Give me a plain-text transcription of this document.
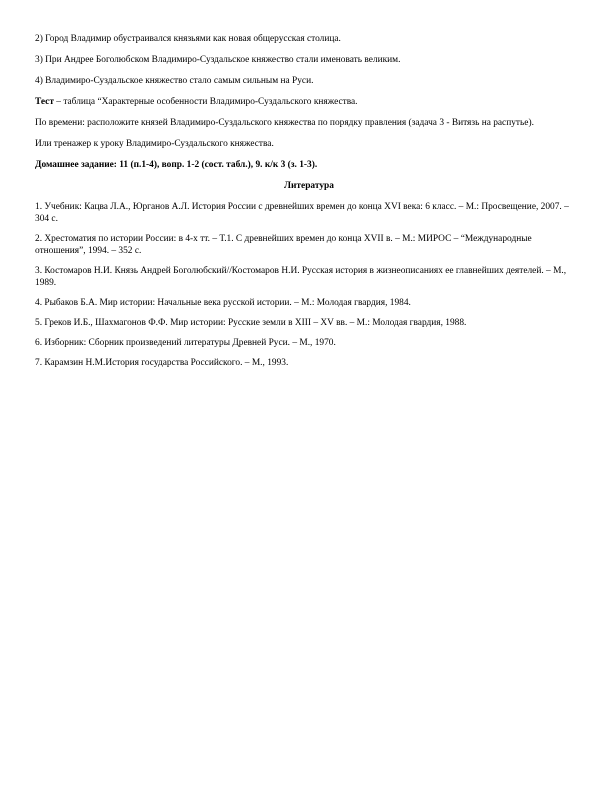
2) Город Владимир обустраивался князьями как новая общерусская столица.

3) При Андрее Боголюбском Владимиро-Суздальское княжество стали именовать великим.

4) Владимиро-Суздальское княжество стало самым сильным на Руси.

Тест – таблица “Характерные особенности Владимиро-Суздальского княжества.

По времени: расположите князей Владимиро-Суздальского княжества по порядку правления (задача 3 - Витязь на распутье).

Или тренажер к уроку Владимиро-Суздальского княжества.

Домашнее задание: 11 (п.1-4), вопр. 1-2 (сост. табл.), 9. к/к 3 (з. 1-3).

Литература

1. Учебник: Кацва Л.А., Юрганов А.Л. История России с древнейших времен до конца XVI века: 6 класс. – М.: Просвещение, 2007. – 304 с.

2. Хрестоматия по истории России: в 4-х тт. – Т.1. С древнейших времен до конца XVII в. – М.: МИРОС – “Международные отношения”, 1994. – 352 с.

3. Костомаров Н.И. Князь Андрей Боголюбский//Костомаров Н.И. Русская история в жизнеописаниях ее главнейших деятелей. – М., 1989.

4. Рыбаков Б.А. Мир истории: Начальные века русской истории. – М.: Молодая гвардия, 1984.

5. Греков И.Б., Шахмагонов Ф.Ф. Мир истории: Русские земли в XIII – XV вв. – М.: Молодая гвардия, 1988.

6. Изборник: Сборник произведений литературы Древней Руси. – М., 1970.

7. Карамзин Н.М.История государства Российского. – М., 1993.
